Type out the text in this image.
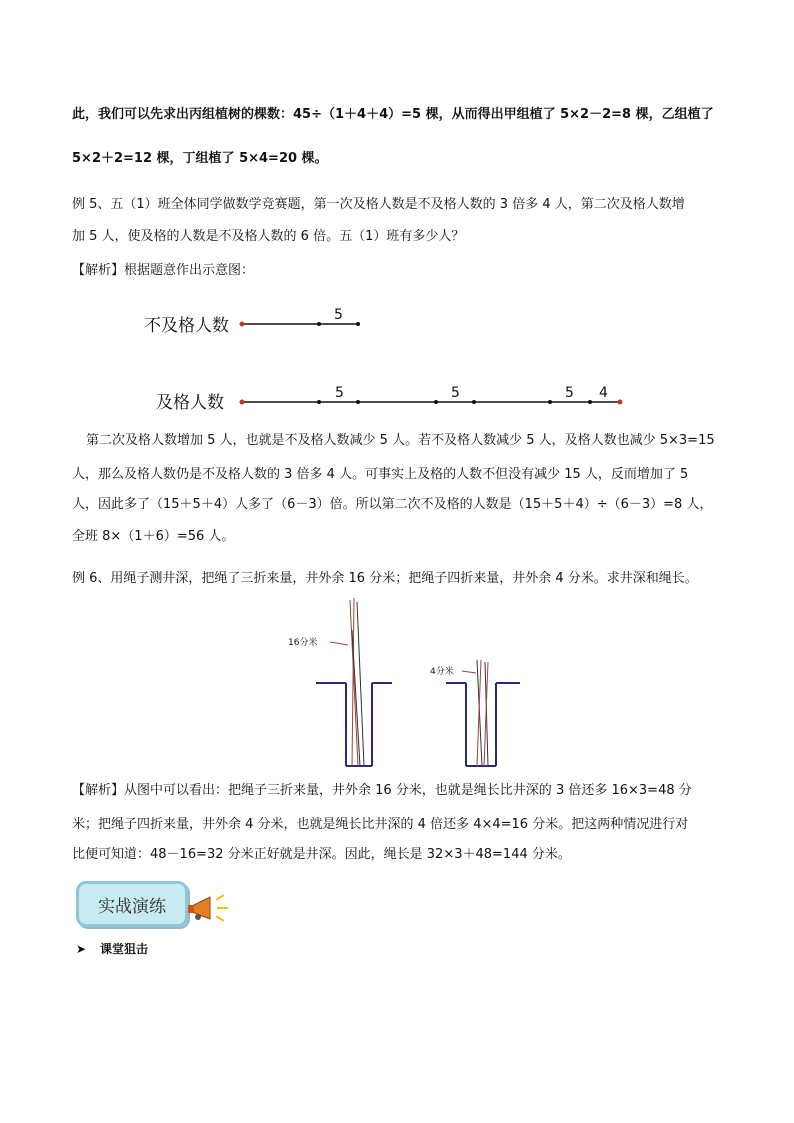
此，我们可以先求出丙组植树的棵数：45÷（1＋4＋4）=5 棵，从而得出甲组植了 5×2－2=8 棵，乙组植了
5×2＋2=12 棵，丁组植了 5×4=20 棵。
例 5、五（1）班全体同学做数学竞赛题，第一次及格人数是不及格人数的 3 倍多 4 人，第二次及格人数增
加 5 人，使及格的人数是不及格人数的 6 倍。五（1）班有多少人？
【解析】根据题意作出示意图：
不及格人数
5
及格人数	5	5	5 4
16分米
4分米
第二次及格人数增加 5 人，也就是不及格人数减少 5 人。若不及格人数减少 5 人，及格人数也减少 5×3=15
人，那么及格人数仍是不及格人数的 3 倍多 4 人。可事实上及格的人数不但没有减少 15 人，反而增加了 5
人，因此多了（15＋5＋4）人多了（6－3）倍。所以第二次不及格的人数是（15＋5＋4）÷（6－3）=8 人，
全班 8×（1＋6）=56 人。
例 6、用绳子测井深，把绳了三折来量，井外余 16 分米；把绳子四折来量，井外余 4 分米。求井深和绳长。
【解析】从图中可以看出：把绳子三折来量，井外余 16 分米，也就是绳长比井深的 3 倍还多 16×3=48 分
米；把绳子四折来量，井外余 4 分米，也就是绳长比井深的 4 倍还多 4×4=16 分米。把这两种情况进行对
比便可知道：48－16=32 分米正好就是井深。因此，绳长是 32×3＋48=144 分米。
实战演练
➤ 课堂狙击
